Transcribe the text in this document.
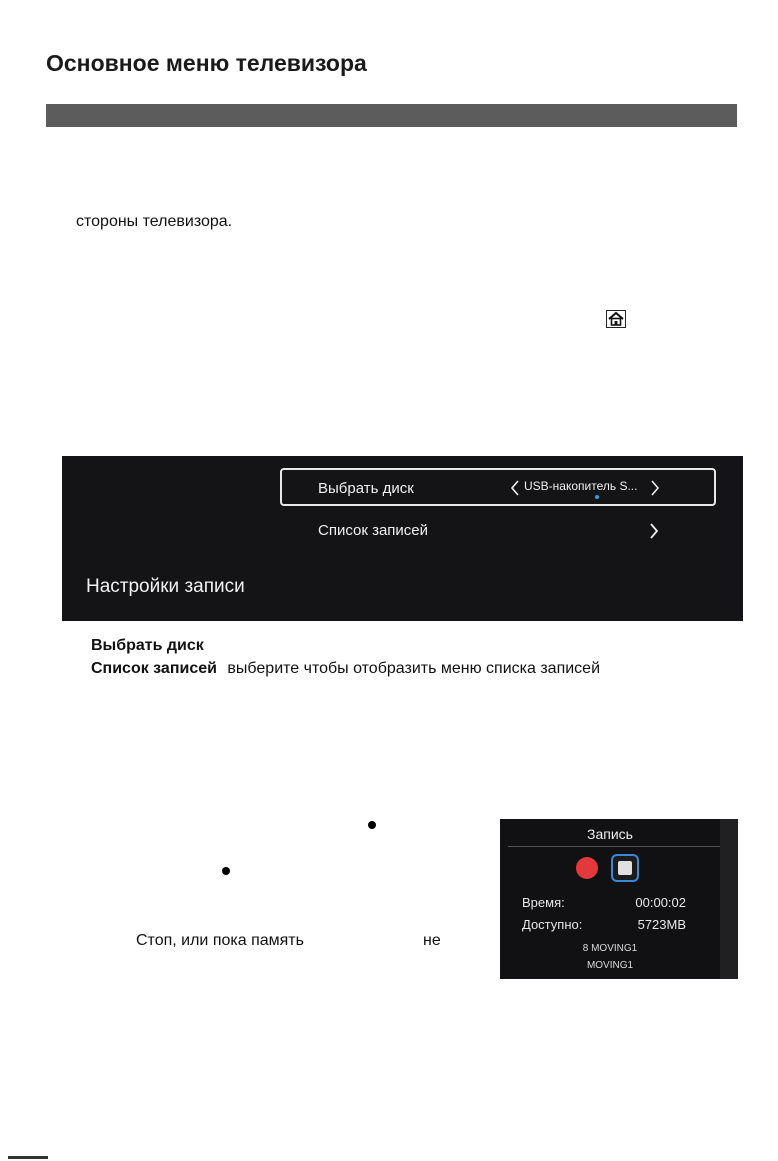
Основное меню телевизора
стороны телевизора.
Выбрать диск	USB-накопитель S...
Список записей
Настройки записи
Выбрать диск
Список записей выберите чтобы отобразить меню списка записей
Стоп, или пока память	не
Запись
Время:	00:00:02
Доступно:	5723MB
8 MOVING1
MOVING1
